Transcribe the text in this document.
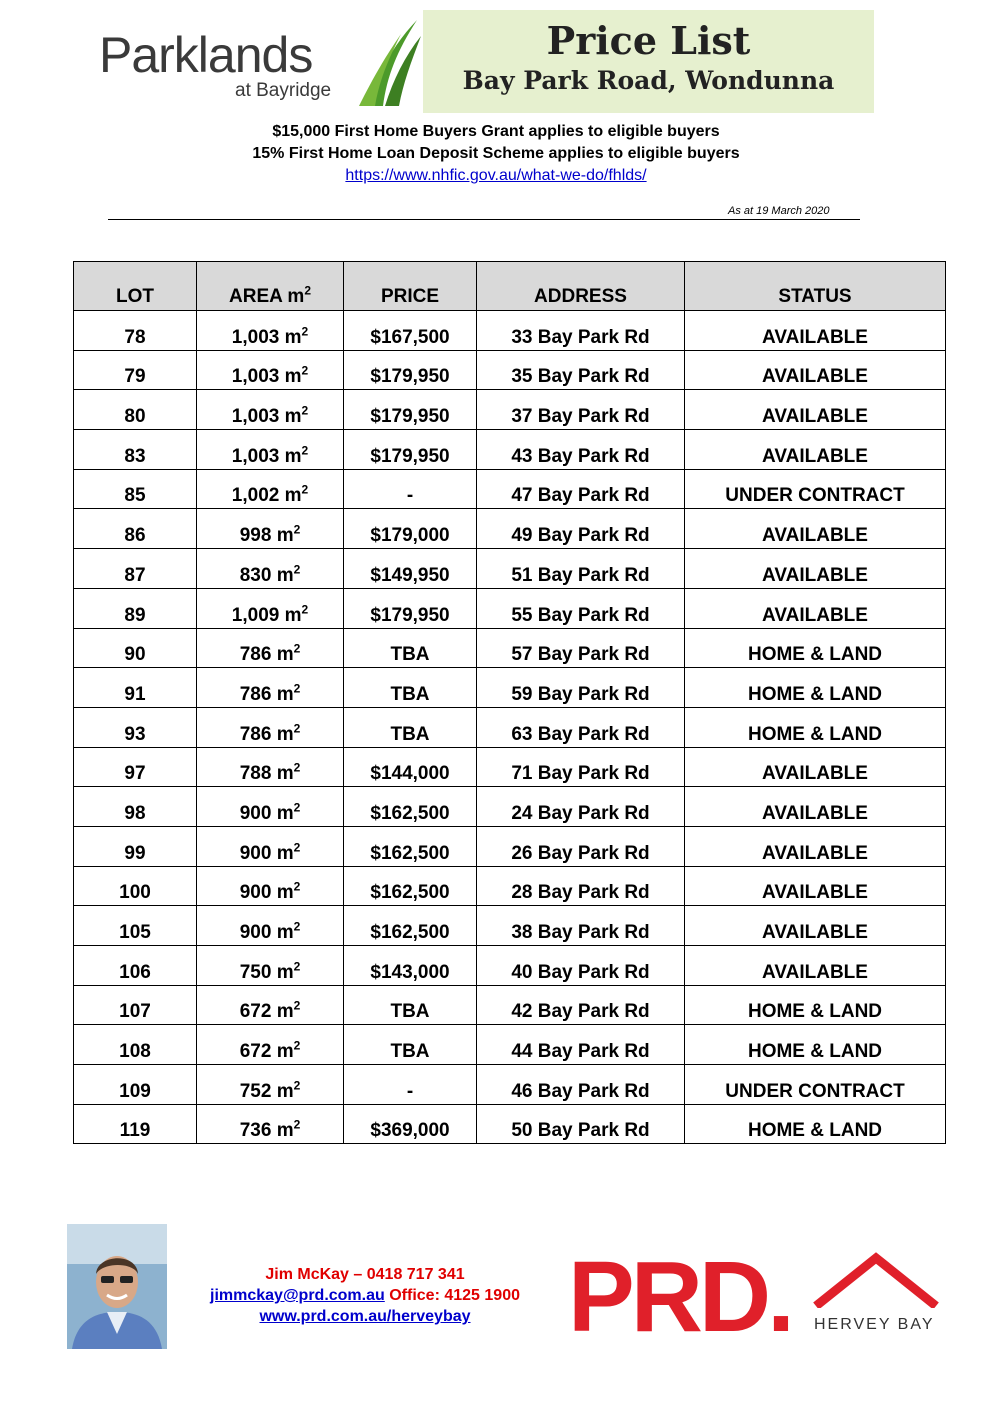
Parklands
at Bayridge
Price List
Bay Park Road, Wondunna
$15,000 First Home Buyers Grant applies to eligible buyers
15% First Home Loan Deposit Scheme applies to eligible buyers
https://www.nhfic.gov.au/what-we-do/fhlds/
As at 19 March 2020
LOT	AREA $m^2$	PRICE	ADDRESS	STATUS
78	1,003 $m^2$	$167,500	33 Bay Park Rd	AVAILABLE
79	1,003 $m^2$	$179,950	35 Bay Park Rd	AVAILABLE
80	1,003 $m^2$	$179,950	37 Bay Park Rd	AVAILABLE
83	1,003 $m^2$	$179,950	43 Bay Park Rd	AVAILABLE
85	1,002 $m^2$	-	47 Bay Park Rd	UNDER CONTRACT
86	998 $m^2$	$179,000	49 Bay Park Rd	AVAILABLE
87	830 $m^2$	$149,950	51 Bay Park Rd	AVAILABLE
89	1,009 $m^2$	$179,950	55 Bay Park Rd	AVAILABLE
90	786 $m^2$	TBA	57 Bay Park Rd	HOME & LAND
91	786 $m^2$	TBA	59 Bay Park Rd	HOME & LAND
93	786 $m^2$	TBA	63 Bay Park Rd	HOME & LAND
97	788 $m^2$	$144,000	71 Bay Park Rd	AVAILABLE
98	900 $m^2$	$162,500	24 Bay Park Rd	AVAILABLE
99	900 $m^2$	$162,500	26 Bay Park Rd	AVAILABLE
100	900 $m^2$	$162,500	28 Bay Park Rd	AVAILABLE
105	900 $m^2$	$162,500	38 Bay Park Rd	AVAILABLE
106	750 $m^2$	$143,000	40 Bay Park Rd	AVAILABLE
107	672 $m^2$	TBA	42 Bay Park Rd	HOME & LAND
108	672 $m^2$	TBA	44 Bay Park Rd	HOME & LAND
109	752 $m^2$	-	46 Bay Park Rd	UNDER CONTRACT
119	736 $m^2$	$369,000	50 Bay Park Rd	HOME & LAND
Jim McKay – 0418 717 341
jimmckay@prd.com.au Office: 4125 1900
www.prd.com.au/herveybay PRD. HERVEY BAY
